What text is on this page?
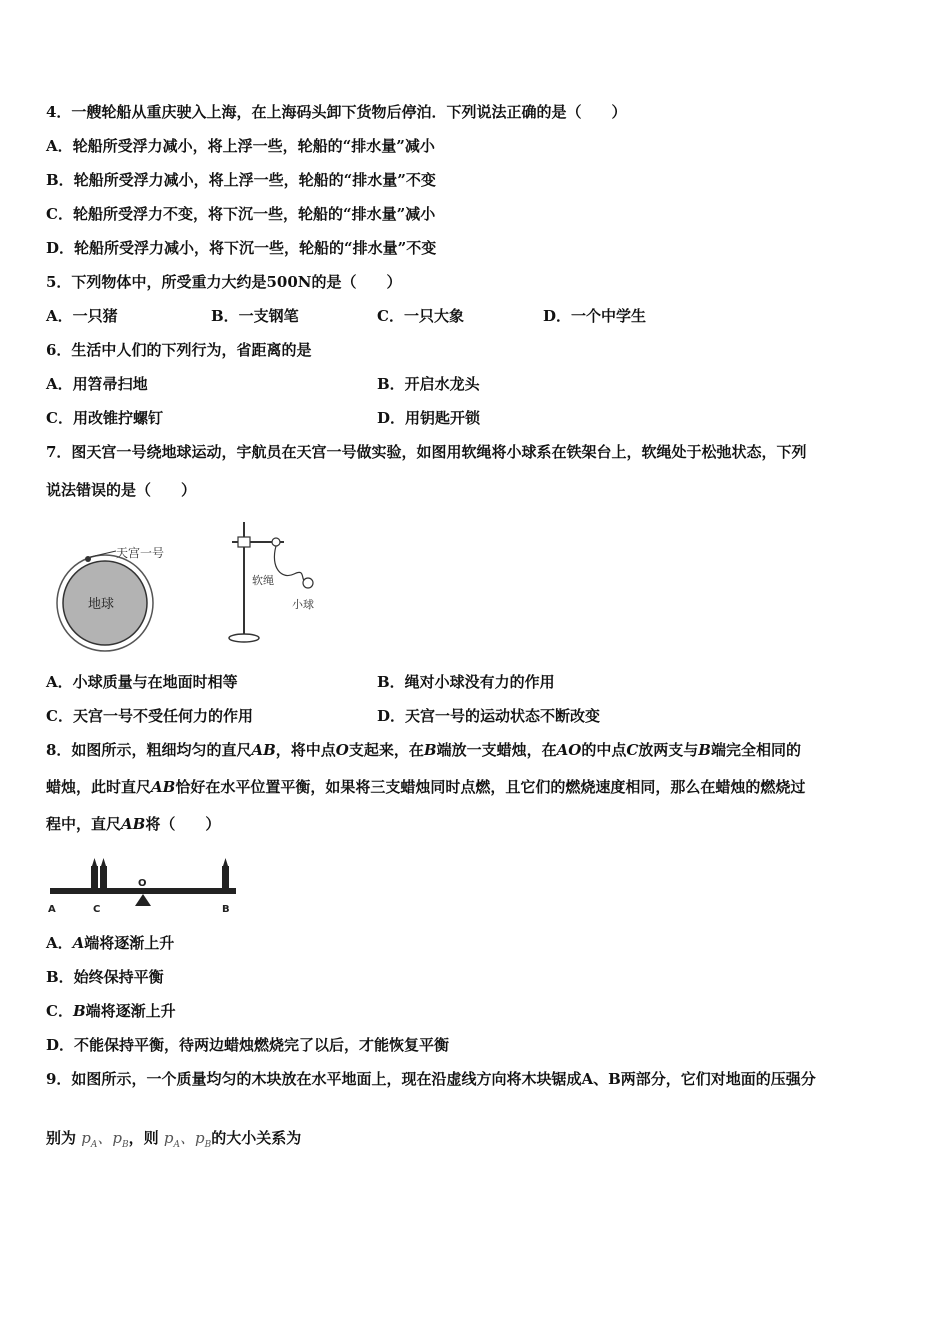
4．一艘轮船从重庆驶入上海，在上海码头卸下货物后停泊．下列说法正确的是（　　）
A．轮船所受浮力减小，将上浮一些，轮船的“排水量”减小
B．轮船所受浮力减小，将上浮一些，轮船的“排水量”不变
C．轮船所受浮力不变，将下沉一些，轮船的“排水量”减小
D．轮船所受浮力减小，将下沉一些，轮船的“排水量”不变
5．下列物体中，所受重力大约是500N的是（　　）
A．一只猪	B．一支钢笔	C．一只大象	D．一个中学生
6．生活中人们的下列行为，省距离的是
A．用笤帚扫地	B．开启水龙头
C．用改锥拧螺钉	D．用钥匙开锁
7．图天宫一号绕地球运动，宇航员在天宫一号做实验，如图用软绳将小球系在铁架台上，软绳处于松弛状态，下列
说法错误的是（　　）
天宫一号
地球
软绳
小球
A．小球质量与在地面时相等	B．绳对小球没有力的作用
C．天宫一号不受任何力的作用	D．天宫一号的运动状态不断改变
8．如图所示，粗细均匀的直尺AB，将中点O支起来，在B端放一支蜡烛，在AO的中点C放两支与B端完全相同的
蜡烛，此时直尺AB恰好在水平位置平衡，如果将三支蜡烛同时点燃，且它们的燃烧速度相同，那么在蜡烛的燃烧过
程中，直尺AB将（　　）
O
A	C	B
A．A端将逐渐上升
B．始终保持平衡
C．B端将逐渐上升
D．不能保持平衡，待两边蜡烛燃烧完了以后，才能恢复平衡
9．如图所示，一个质量均匀的木块放在水平地面上，现在沿虚线方向将木块锯成A、B两部分，它们对地面的压强分
别为 $p_A$、$p_B$，则 $p_A$、$p_B$的大小关系为
